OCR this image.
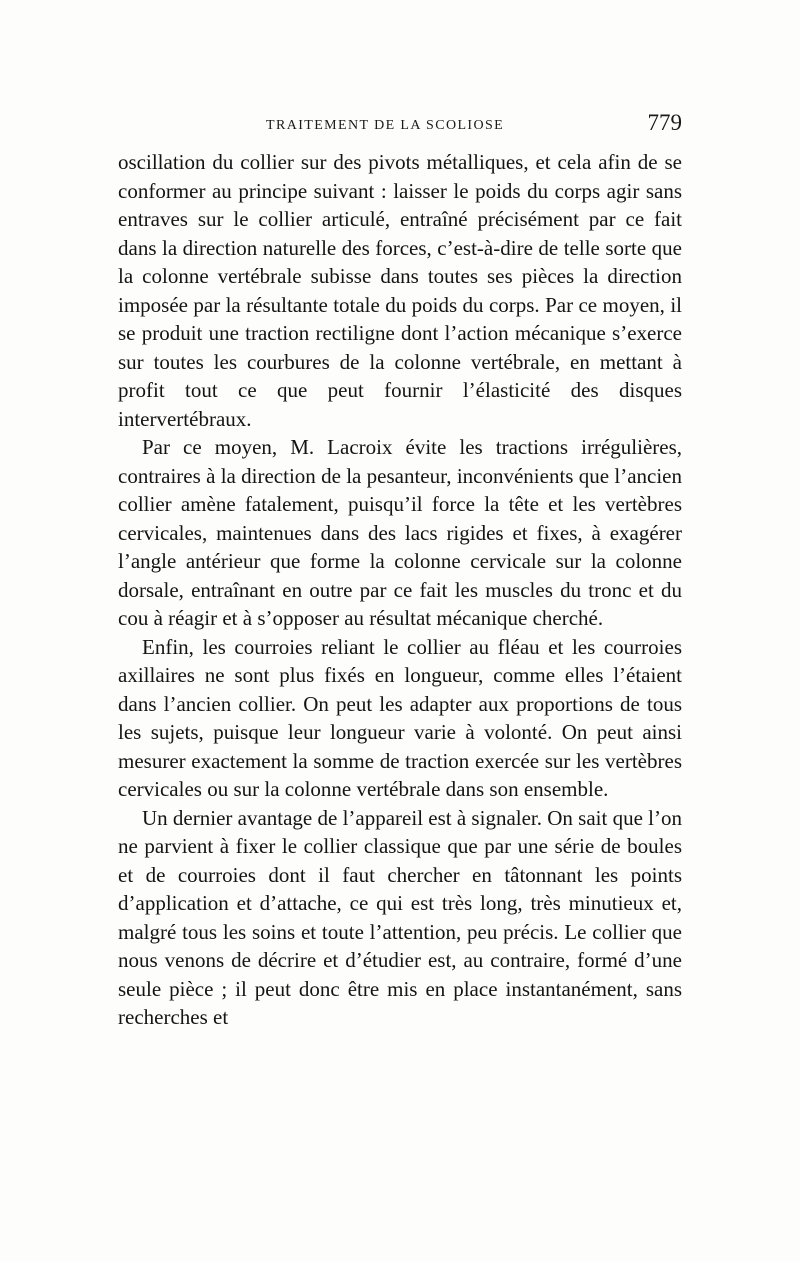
TRAITEMENT DE LA SCOLIOSE	779

oscillation du collier sur des pivots métalliques, et cela afin de se conformer au principe suivant : laisser le poids du corps agir sans entraves sur le collier articulé, entraîné précisément par ce fait dans la direction naturelle des forces, c’est-à-dire de telle sorte que la colonne vertébrale subisse dans toutes ses pièces la direction imposée par la résultante totale du poids du corps. Par ce moyen, il se produit une traction rectiligne dont l’action mécanique s’exerce sur toutes les courbures de la colonne vertébrale, en mettant à profit tout ce que peut fournir l’élasticité des disques intervertébraux.

Par ce moyen, M. Lacroix évite les tractions irrégulières, contraires à la direction de la pesanteur, inconvénients que l’ancien collier amène fatalement, puisqu’il force la tête et les vertèbres cervicales, maintenues dans des lacs rigides et fixes, à exagérer l’angle antérieur que forme la colonne cervicale sur la colonne dorsale, entraînant en outre par ce fait les muscles du tronc et du cou à réagir et à s’opposer au résultat mécanique cherché.

Enfin, les courroies reliant le collier au fléau et les courroies axillaires ne sont plus fixés en longueur, comme elles l’étaient dans l’ancien collier. On peut les adapter aux proportions de tous les sujets, puisque leur longueur varie à volonté. On peut ainsi mesurer exactement la somme de traction exercée sur les vertèbres cervicales ou sur la colonne vertébrale dans son ensemble.

Un dernier avantage de l’appareil est à signaler. On sait que l’on ne parvient à fixer le collier classique que par une série de boules et de courroies dont il faut chercher en tâtonnant les points d’application et d’attache, ce qui est très long, très minutieux et, malgré tous les soins et toute l’attention, peu précis. Le collier que nous venons de décrire et d’étudier est, au contraire, formé d’une seule pièce ; il peut donc être mis en place instantanément, sans recherches et
